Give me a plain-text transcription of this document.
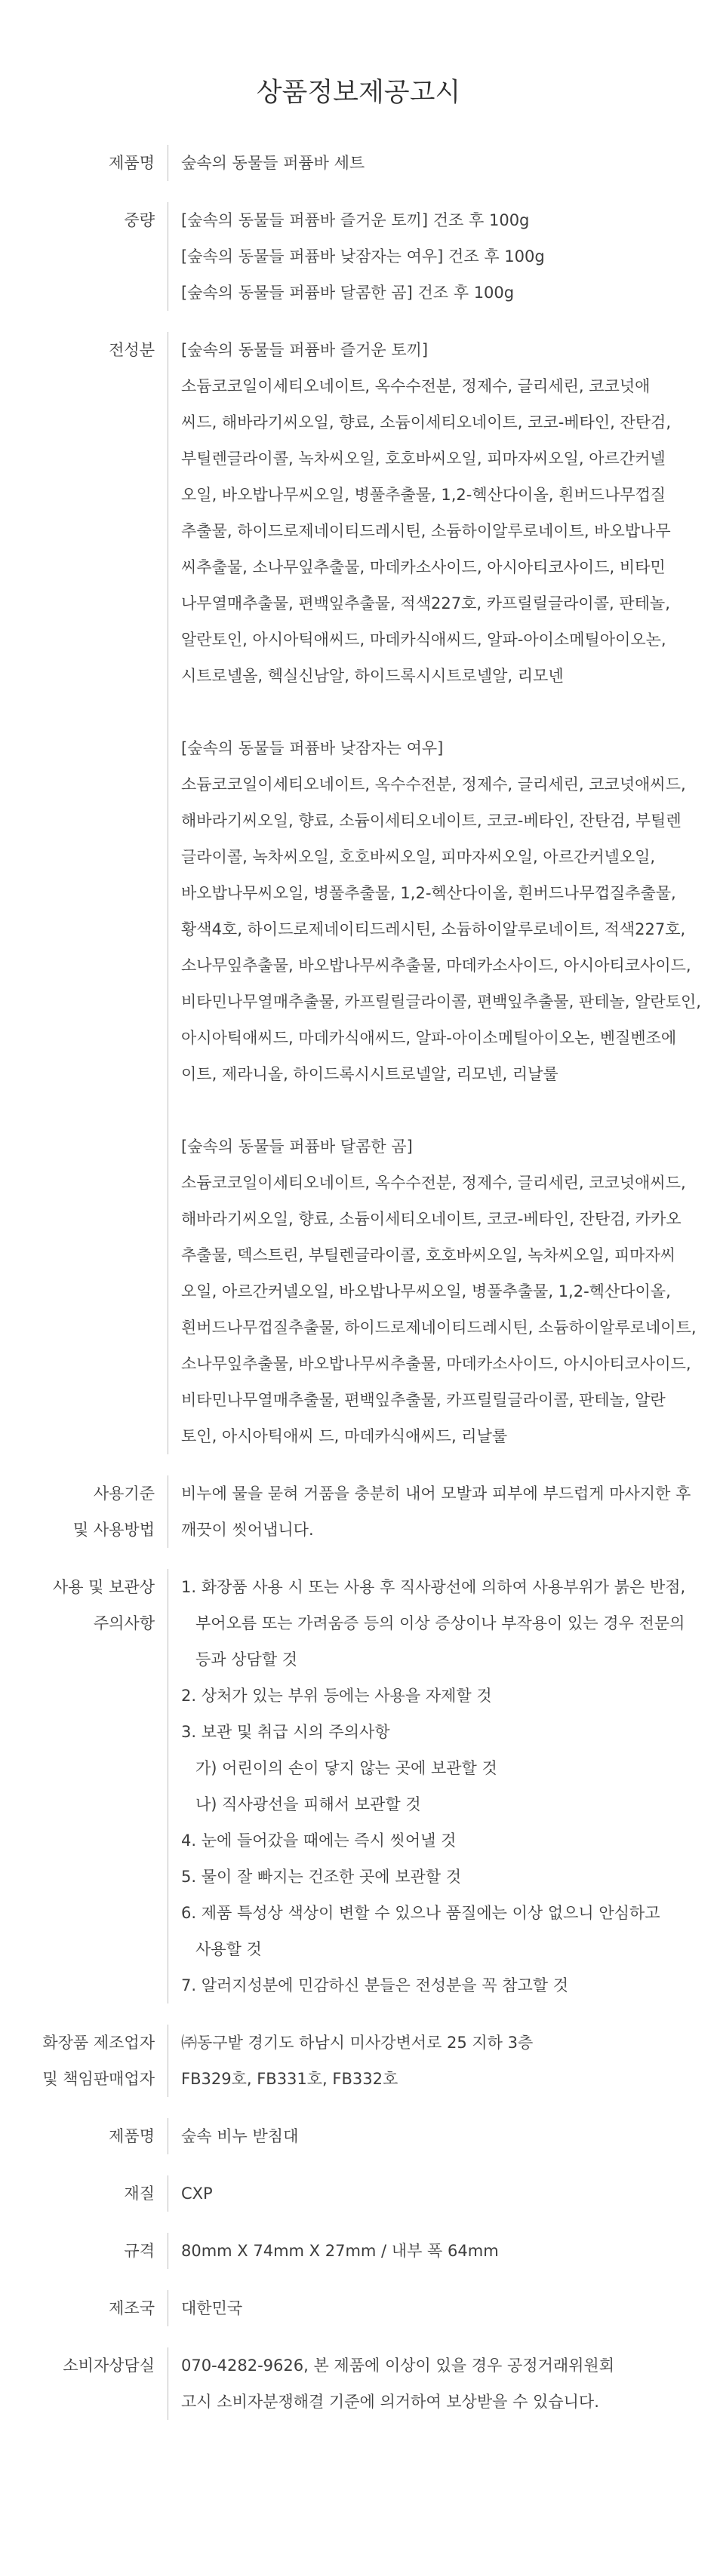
상품정보제공고시
제품명 숲속의 동물들 퍼퓸바 세트
중량 [숲속의 동물들 퍼퓸바 즐거운 토끼] 건조 후 100g
[숲속의 동물들 퍼퓸바 낮잠자는 여우] 건조 후 100g
[숲속의 동물들 퍼퓸바 달콤한 곰] 건조 후 100g
전성분 [숲속의 동물들 퍼퓸바 즐거운 토끼]
소듐코코일이세티오네이트, 옥수수전분, 정제수, 글리세린, 코코넛애
씨드, 해바라기씨오일, 향료, 소듐이세티오네이트, 코코-베타인, 잔탄검,
부틸렌글라이콜, 녹차씨오일, 호호바씨오일, 피마자씨오일, 아르간커넬
오일, 바오밥나무씨오일, 병풀추출물, 1,2-헥산다이올, 흰버드나무껍질
추출물, 하이드로제네이티드레시틴, 소듐하이알루로네이트, 바오밥나무
씨추출물, 소나무잎추출물, 마데카소사이드, 아시아티코사이드, 비타민
나무열매추출물, 편백잎추출물, 적색227호, 카프릴릴글라이콜, 판테놀,
알란토인, 아시아틱애씨드, 마데카식애씨드, 알파-아이소메틸아이오논,
시트로넬올, 헥실신남알, 하이드록시시트로넬알, 리모넨
[숲속의 동물들 퍼퓸바 낮잠자는 여우]
소듐코코일이세티오네이트, 옥수수전분, 정제수, 글리세린, 코코넛애씨드,
해바라기씨오일, 향료, 소듐이세티오네이트, 코코-베타인, 잔탄검, 부틸렌
글라이콜, 녹차씨오일, 호호바씨오일, 피마자씨오일, 아르간커넬오일,
바오밥나무씨오일, 병풀추출물, 1,2-헥산다이올, 흰버드나무껍질추출물,
황색4호, 하이드로제네이티드레시틴, 소듐하이알루로네이트, 적색227호,
소나무잎추출물, 바오밥나무씨추출물, 마데카소사이드, 아시아티코사이드,
비타민나무열매추출물, 카프릴릴글라이콜, 편백잎추출물, 판테놀, 알란토인,
아시아틱애씨드, 마데카식애씨드, 알파-아이소메틸아이오논, 벤질벤조에
이트, 제라니올, 하이드록시시트로넬알, 리모넨, 리날룰
[숲속의 동물들 퍼퓸바 달콤한 곰]
소듐코코일이세티오네이트, 옥수수전분, 정제수, 글리세린, 코코넛애씨드,
해바라기씨오일, 향료, 소듐이세티오네이트, 코코-베타인, 잔탄검, 카카오
추출물, 덱스트린, 부틸렌글라이콜, 호호바씨오일, 녹차씨오일, 피마자씨
오일, 아르간커넬오일, 바오밥나무씨오일, 병풀추출물, 1,2-헥산다이올,
흰버드나무껍질추출물, 하이드로제네이티드레시틴, 소듐하이알루로네이트,
소나무잎추출물, 바오밥나무씨추출물, 마데카소사이드, 아시아티코사이드,
비타민나무열매추출물, 편백잎추출물, 카프릴릴글라이콜, 판테놀, 알란
토인, 아시아틱애씨 드, 마데카식애씨드, 리날룰
사용기준
및 사용방법
비누에 물을 묻혀 거품을 충분히 내어 모발과 피부에 부드럽게 마사지한 후
깨끗이 씻어냅니다.
사용 및 보관상
주의사항
1. 화장품 사용 시 또는 사용 후 직사광선에 의하여 사용부위가 붉은 반점,
부어오름 또는 가려움증 등의 이상 증상이나 부작용이 있는 경우 전문의
등과 상담할 것
2. 상처가 있는 부위 등에는 사용을 자제할 것
3. 보관 및 취급 시의 주의사항
가) 어린이의 손이 닿지 않는 곳에 보관할 것
나) 직사광선을 피해서 보관할 것
4. 눈에 들어갔을 때에는 즉시 씻어낼 것
5. 물이 잘 빠지는 건조한 곳에 보관할 것
6. 제품 특성상 색상이 변할 수 있으나 품질에는 이상 없으니 안심하고
사용할 것
7. 알러지성분에 민감하신 분들은 전성분을 꼭 참고할 것
화장품 제조업자
및 책임판매업자
㈜동구밭 경기도 하남시 미사강변서로 25 지하 3층
FB329호, FB331호, FB332호
제품명 숲속 비누 받침대
재질 CXP
규격 80mm X 74mm X 27mm / 내부 폭 64mm
제조국 대한민국
소비자상담실 070-4282-9626, 본 제품에 이상이 있을 경우 공정거래위원회
고시 소비자분쟁해결 기준에 의거하여 보상받을 수 있습니다.
